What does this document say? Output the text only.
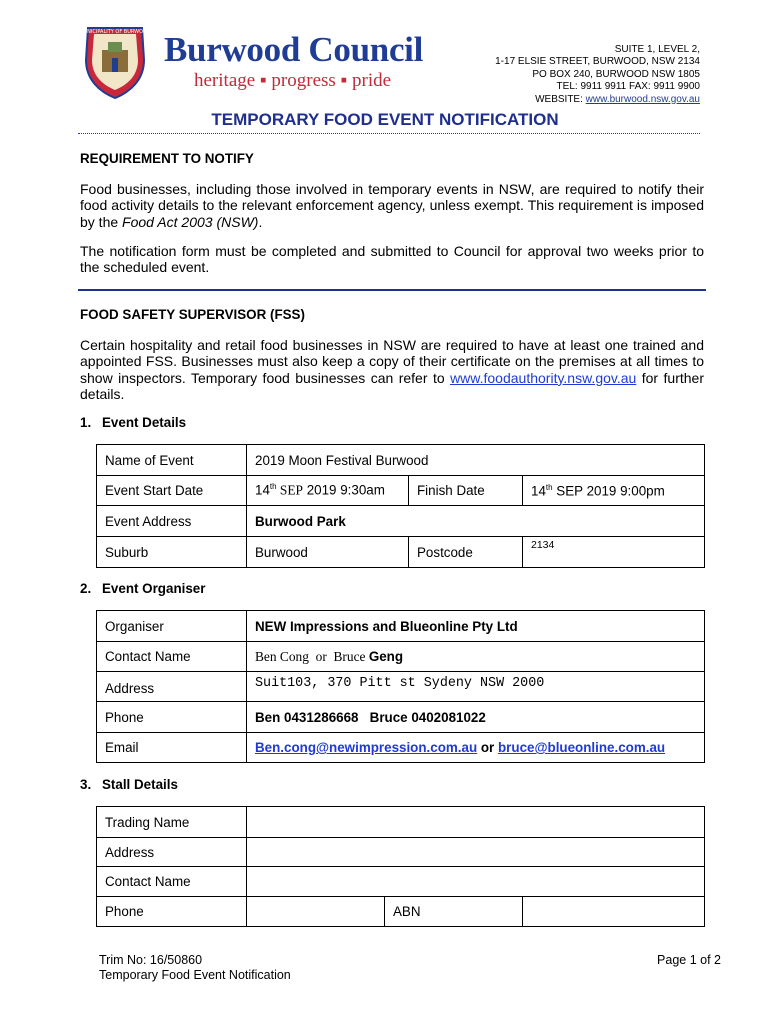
MUNICIPALITY OF BURWOOD Burwood Council
heritage ▪ progress ▪ pride
SUITE 1, LEVEL 2,
1-17 ELSIE STREET, BURWOOD, NSW 2134
PO BOX 240, BURWOOD NSW 1805
TEL: 9911 9911 FAX: 9911 9900
WEBSITE: www.burwood.nsw.gov.au
TEMPORARY FOOD EVENT NOTIFICATION
REQUIREMENT TO NOTIFY
Food businesses, including those involved in temporary events in NSW, are required to notify their food activity details to the relevant enforcement agency, unless exempt. This requirement is imposed by the Food Act 2003 (NSW).
The notification form must be completed and submitted to Council for approval two weeks prior to the scheduled event.
FOOD SAFETY SUPERVISOR (FSS)
Certain hospitality and retail food businesses in NSW are required to have at least one trained and appointed FSS. Businesses must also keep a copy of their certificate on the premises at all times to show inspectors. Temporary food businesses can refer to www.foodauthority.nsw.gov.au for further details.
1. Event Details
Name of Event	2019 Moon Festival Burwood		
Event Start Date	14th SEP 2019 9:30am	Finish Date	14th SEP 2019 9:00pm
Event Address	Burwood Park		
Suburb	Burwood	Postcode	2134
2. Event Organiser
Organiser	NEW Impressions and Blueonline Pty Ltd
Contact Name	Ben Cong  or  Bruce Geng
Address	Suit103, 370 Pitt st Sydeny NSW 2000
Phone	Ben 0431286668   Bruce 0402081022
Email	Ben.cong@newimpression.com.au or bruce@blueonline.com.au
3. Stall Details
Trading Name			
Address			
Contact Name			
Phone		ABN	
Trim No: 16/50860
Temporary Food Event Notification
Page 1 of 2
